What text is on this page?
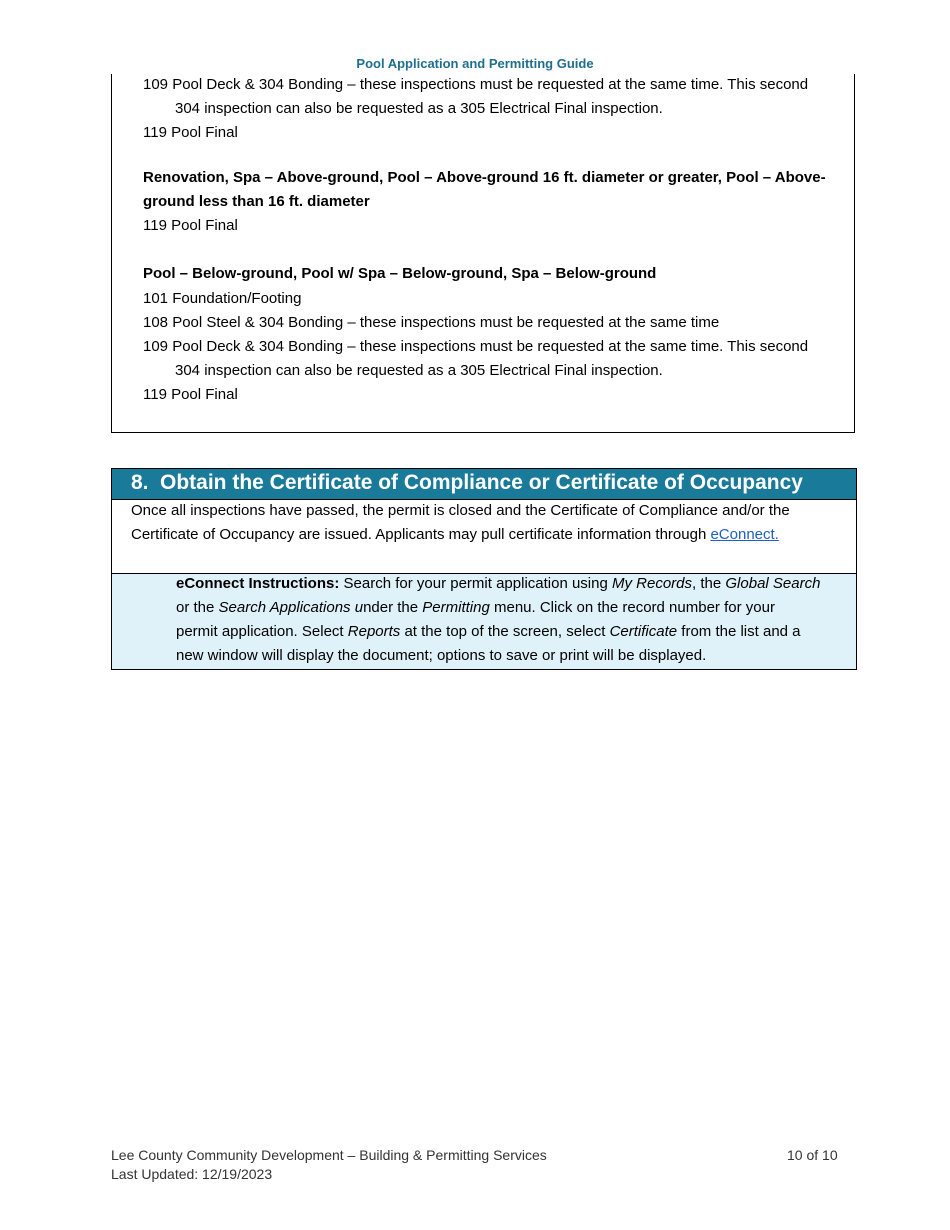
Pool Application and Permitting Guide
109 Pool Deck & 304 Bonding – these inspections must be requested at the same time. This second
304 inspection can also be requested as a 305 Electrical Final inspection.
119 Pool Final
Renovation, Spa – Above-ground, Pool – Above-ground 16 ft. diameter or greater, Pool – Above-
ground less than 16 ft. diameter
119 Pool Final
Pool – Below-ground, Pool w/ Spa – Below-ground, Spa – Below-ground
101 Foundation/Footing
108 Pool Steel & 304 Bonding – these inspections must be requested at the same time
109 Pool Deck & 304 Bonding – these inspections must be requested at the same time. This second
304 inspection can also be requested as a 305 Electrical Final inspection.
119 Pool Final
8. Obtain the Certificate of Compliance or Certificate of Occupancy
Once all inspections have passed, the permit is closed and the Certificate of Compliance and/or the
Certificate of Occupancy are issued. Applicants may pull certificate information through eConnect.
eConnect Instructions: Search for your permit application using My Records, the Global Search
or the Search Applications under the Permitting menu. Click on the record number for your
permit application. Select Reports at the top of the screen, select Certificate from the list and a
new window will display the document; options to save or print will be displayed.
Lee County Community Development – Building & Permitting Services
Last Updated: 12/19/2023
10 of 10
